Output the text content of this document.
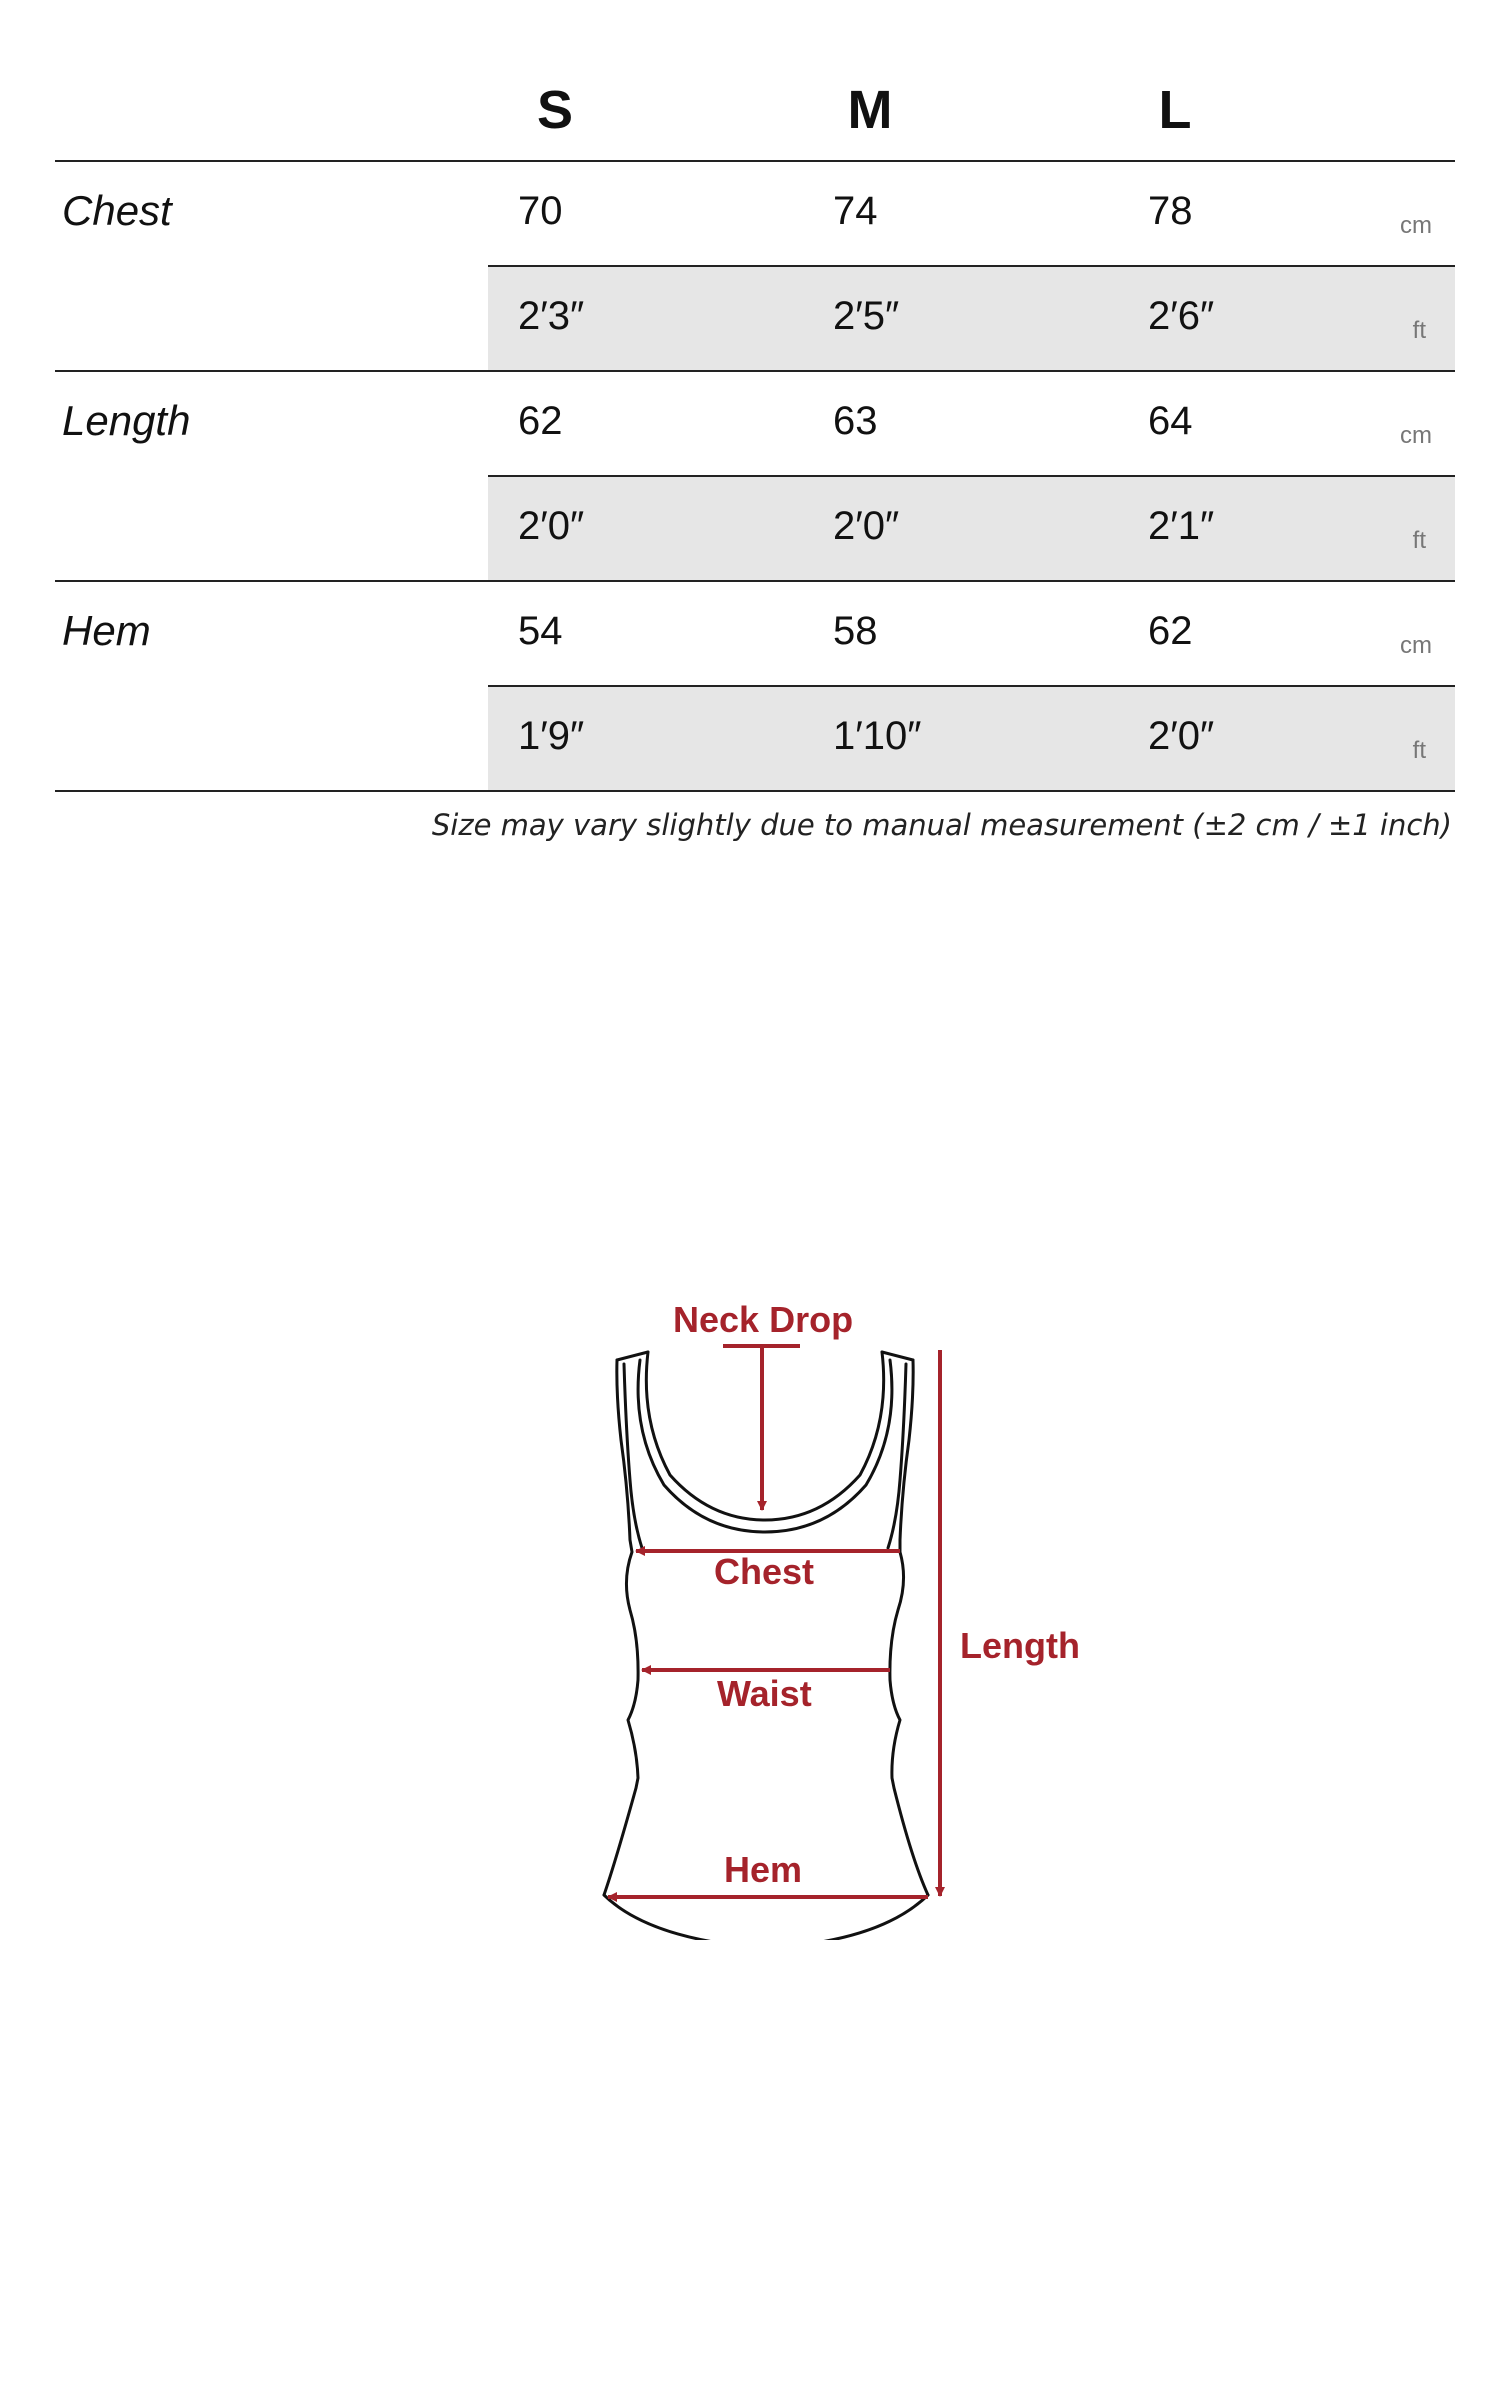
S	M	L
Chest	70	74	78	cm
2′3″	2′5″	2′6″	ft
Length	62	63	64	cm
2′0″	2′0″	2′1″	ft
Hem	54	58	62	cm
1′9″	1′10″	2′0″	ft
Size may vary slightly due to manual measurement (±2 cm / ±1 inch)
Neck Drop
Chest
Waist
Hem
Length
